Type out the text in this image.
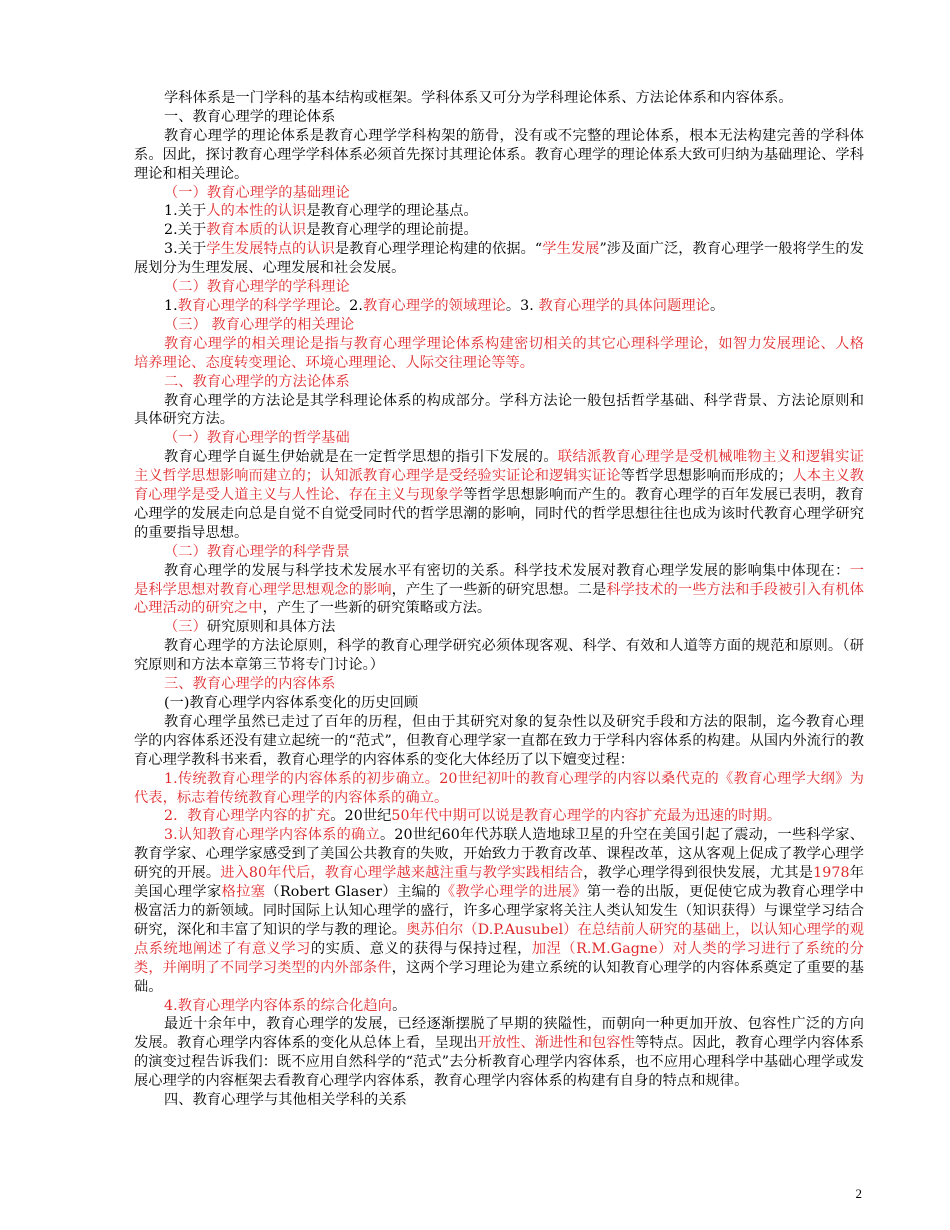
学科体系是一门学科的基本结构或框架。学科体系又可分为学科理论体系、方法论体系和内容体系。

一、教育心理学的理论体系

教育心理学的理论体系是教育心理学学科构架的筋骨，没有或不完整的理论体系，根本无法构建完善的学科体系。因此，探讨教育心理学学科体系必须首先探讨其理论体系。教育心理学的理论体系大致可归纳为基础理论、学科理论和相关理论。

（一）教育心理学的基础理论

1.关于人的本性的认识是教育心理学的理论基点。

2.关于教育本质的认识是教育心理学的理论前提。

3.关于学生发展特点的认识是教育心理学理论构建的依据。“学生发展”涉及面广泛，教育心理学一般将学生的发展划分为生理发展、心理发展和社会发展。

（二）教育心理学的学科理论

1.教育心理学的科学学理论。2.教育心理学的领域理论。3. 教育心理学的具体问题理论。

（三） 教育心理学的相关理论

教育心理学的相关理论是指与教育心理学理论体系构建密切相关的其它心理科学理论，如智力发展理论、人格培养理论、态度转变理论、环境心理理论、人际交往理论等等。

二、教育心理学的方法论体系

教育心理学的方法论是其学科理论体系的构成部分。学科方法论一般包括哲学基础、科学背景、方法论原则和具体研究方法。

（一）教育心理学的哲学基础

教育心理学自诞生伊始就是在一定哲学思想的指引下发展的。联结派教育心理学是受机械唯物主义和逻辑实证主义哲学思想影响而建立的；认知派教育心理学是受经验实证论和逻辑实证论等哲学思想影响而形成的；人本主义教育心理学是受人道主义与人性论、存在主义与现象学等哲学思想影响而产生的。教育心理学的百年发展已表明，教育心理学的发展走向总是自觉不自觉受同时代的哲学思潮的影响，同时代的哲学思想往往也成为该时代教育心理学研究的重要指导思想。

（二）教育心理学的科学背景

教育心理学的发展与科学技术发展水平有密切的关系。科学技术发展对教育心理学发展的影响集中体现在：一是科学思想对教育心理学思想观念的影响，产生了一些新的研究思想。二是科学技术的一些方法和手段被引入有机体心理活动的研究之中，产生了一些新的研究策略或方法。

（三）研究原则和具体方法

教育心理学的方法论原则，科学的教育心理学研究必须体现客观、科学、有效和人道等方面的规范和原则。（研究原则和方法本章第三节将专门讨论。）

三、教育心理学的内容体系

(一)教育心理学内容体系变化的历史回顾

教育心理学虽然已走过了百年的历程，但由于其研究对象的复杂性以及研究手段和方法的限制，迄今教育心理学的内容体系还没有建立起统一的“范式”，但教育心理学家一直都在致力于学科内容体系的构建。从国内外流行的教育心理学教科书来看，教育心理学的内容体系的变化大体经历了以下嬗变过程：

1.传统教育心理学的内容体系的初步确立。20世纪初叶的教育心理学的内容以桑代克的《教育心理学大纲》为代表，标志着传统教育心理学的内容体系的确立。

2．教育心理学内容的扩充。20世纪50年代中期可以说是教育心理学的内容扩充最为迅速的时期。

3.认知教育心理学内容体系的确立。20世纪60年代苏联人造地球卫星的升空在美国引起了震动，一些科学家、教育学家、心理学家感受到了美国公共教育的失败，开始致力于教育改革、课程改革，这从客观上促成了教学心理学研究的开展。进入80年代后，教育心理学越来越注重与教学实践相结合，教学心理学得到很快发展，尤其是1978年美国心理学家格拉塞（Robert Glaser）主编的《教学心理学的进展》第一卷的出版，更促使它成为教育心理学中极富活力的新领域。同时国际上认知心理学的盛行，许多心理学家将关注人类认知发生（知识获得）与课堂学习结合研究，深化和丰富了知识的学与教的理论。奥苏伯尔（D.P.Ausubel）在总结前人研究的基础上，以认知心理学的观点系统地阐述了有意义学习的实质、意义的获得与保持过程，加涅（R.M.Gagne）对人类的学习进行了系统的分类，并阐明了不同学习类型的内外部条件，这两个学习理论为建立系统的认知教育心理学的内容体系奠定了重要的基础。

4.教育心理学内容体系的综合化趋向。

最近十余年中，教育心理学的发展，已经逐渐摆脱了早期的狭隘性，而朝向一种更加开放、包容性广泛的方向发展。教育心理学内容体系的变化从总体上看，呈现出开放性、渐进性和包容性等特点。因此，教育心理学内容体系的演变过程告诉我们：既不应用自然科学的“范式”去分析教育心理学内容体系，也不应用心理科学中基础心理学或发展心理学的内容框架去看教育心理学内容体系，教育心理学内容体系的构建有自身的特点和规律。

四、教育心理学与其他相关学科的关系

2
